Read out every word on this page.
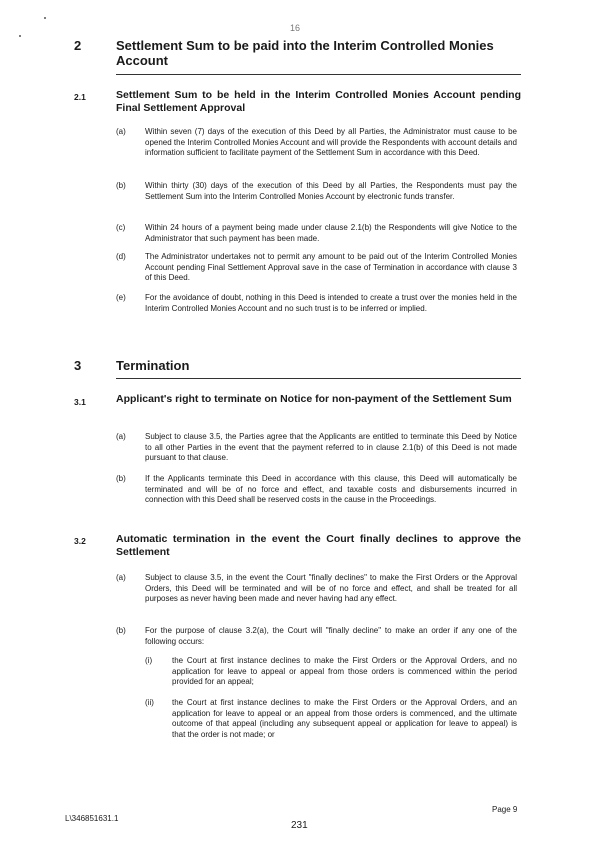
16
2	Settlement Sum to be paid into the Interim Controlled Monies Account
2.1	Settlement Sum to be held in the Interim Controlled Monies Account pending Final Settlement Approval
(a) Within seven (7) days of the execution of this Deed by all Parties, the Administrator must cause to be opened the Interim Controlled Monies Account and will provide the Respondents with account details and information sufficient to facilitate payment of the Settlement Sum in accordance with this Deed.
(b) Within thirty (30) days of the execution of this Deed by all Parties, the Respondents must pay the Settlement Sum into the Interim Controlled Monies Account by electronic funds transfer.
(c) Within 24 hours of a payment being made under clause 2.1(b) the Respondents will give Notice to the Administrator that such payment has been made.
(d) The Administrator undertakes not to permit any amount to be paid out of the Interim Controlled Monies Account pending Final Settlement Approval save in the case of Termination in accordance with clause 3 of this Deed.
(e) For the avoidance of doubt, nothing in this Deed is intended to create a trust over the monies held in the Interim Controlled Monies Account and no such trust is to be inferred or implied.
3	Termination
3.1	Applicant's right to terminate on Notice for non-payment of the Settlement Sum
(a) Subject to clause 3.5, the Parties agree that the Applicants are entitled to terminate this Deed by Notice to all other Parties in the event that the payment referred to in clause 2.1(b) of this Deed is not made pursuant to that clause.
(b) If the Applicants terminate this Deed in accordance with this clause, this Deed will automatically be terminated and will be of no force and effect, and taxable costs and disbursements incurred in connection with this Deed shall be reserved costs in the cause in the Proceedings.
3.2	Automatic termination in the event the Court finally declines to approve the Settlement
(a) Subject to clause 3.5, in the event the Court "finally declines" to make the First Orders or the Approval Orders, this Deed will be terminated and will be of no force and effect, and shall be treated for all purposes as never having been made and never having had any effect.
(b) For the purpose of clause 3.2(a), the Court will "finally decline" to make an order if any one of the following occurs:
(i) the Court at first instance declines to make the First Orders or the Approval Orders, and no application for leave to appeal or appeal from those orders is commenced within the period provided for an appeal;
(ii) the Court at first instance declines to make the First Orders or the Approval Orders, and an application for leave to appeal or an appeal from those orders is commenced, and the ultimate outcome of that appeal (including any subsequent appeal or application for leave to appeal) is that the order is not made; or
Page 9
L\346851631.1
231
